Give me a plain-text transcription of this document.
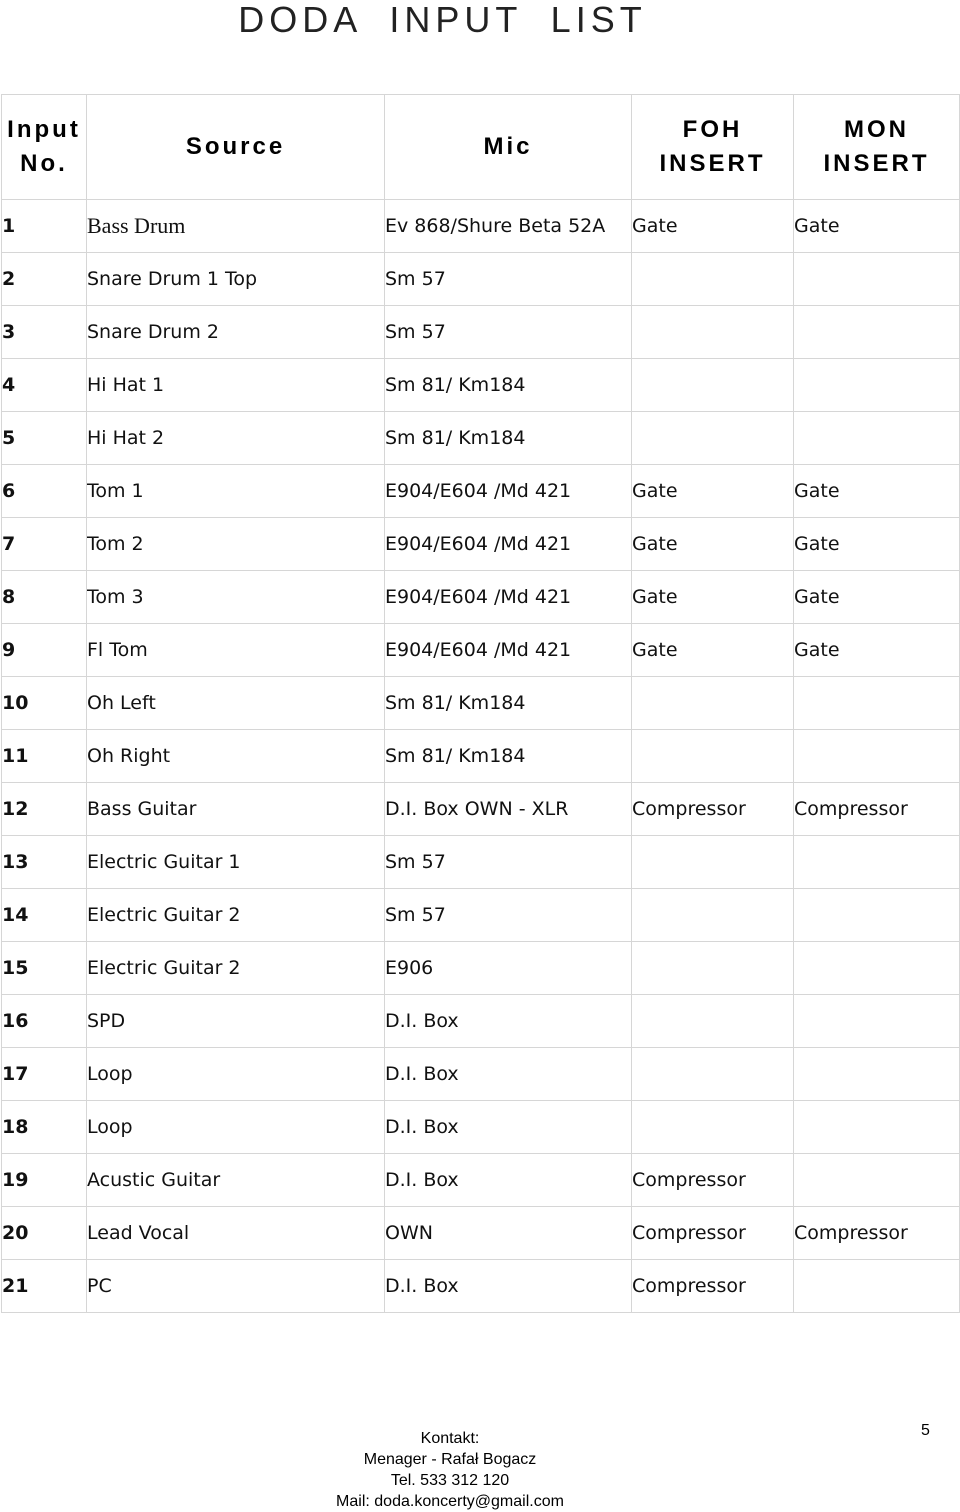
DODA INPUT LIST
Input No.	Source	Mic	FOH INSERT	MON INSERT
1	Bass Drum	Ev 868/Shure Beta 52A	Gate	Gate
2	Snare Drum 1 Top	Sm 57		
3	Snare Drum 2	Sm 57		
4	Hi Hat 1	Sm 81/ Km184		
5	Hi Hat 2	Sm 81/ Km184		
6	Tom 1	E904/E604 /Md 421	Gate	Gate
7	Tom 2	E904/E604 /Md 421	Gate	Gate
8	Tom 3	E904/E604 /Md 421	Gate	Gate
9	Fl Tom	E904/E604 /Md 421	Gate	Gate
10	Oh Left	Sm 81/ Km184		
11	Oh Right	Sm 81/ Km184		
12	Bass Guitar	D.I. Box OWN - XLR	Compressor	Compressor
13	Electric Guitar 1	Sm 57		
14	Electric Guitar 2	Sm 57		
15	Electric Guitar 2	E906		
16	SPD	D.I. Box		
17	Loop	D.I. Box		
18	Loop	D.I. Box		
19	Acustic Guitar	D.I. Box	Compressor	
20	Lead Vocal	OWN	Compressor	Compressor
21	PC	D.I. Box	Compressor	
Kontakt:
Menager - Rafał Bogacz
Tel. 533 312 120
Mail: doda.koncerty@gmail.com
5
